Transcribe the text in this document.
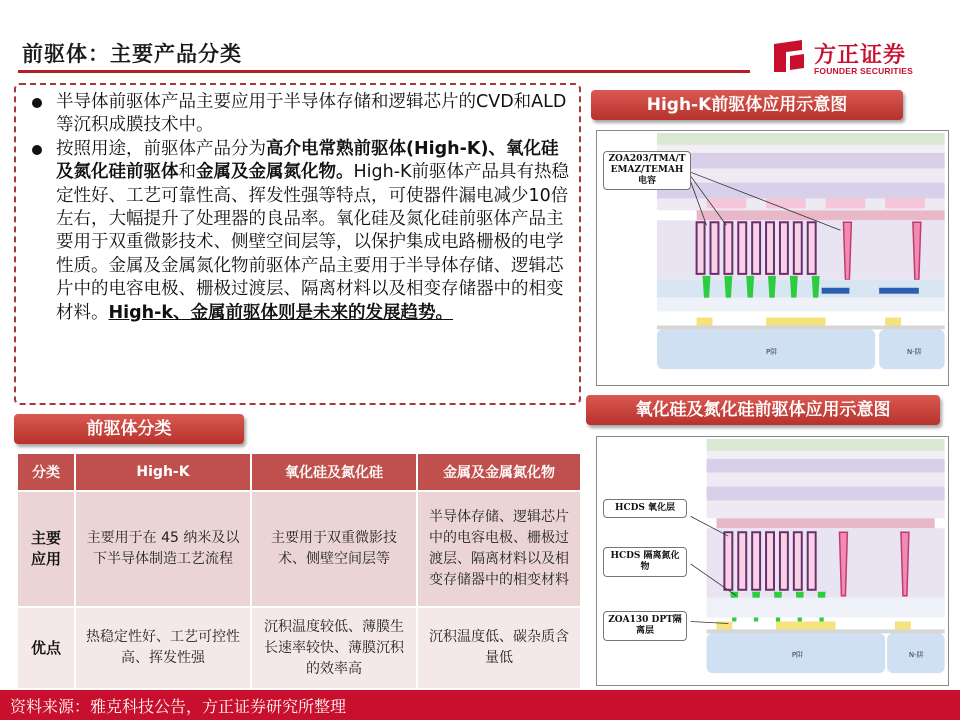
前驱体：主要产品分类	方正证券
FOUNDER SECURITIES
半导体前驱体产品主要应用于半导体存储和逻辑芯片的CVD和ALD等沉积成膜技术中。
按照用途，前驱体产品分为高介电常熟前驱体(High-K)、氧化硅及氮化硅前驱体和金属及金属氮化物。High-K前驱体产品具有热稳定性好、工艺可靠性高、挥发性强等特点，可使器件漏电减少10倍左右，大幅提升了处理器的良品率。氧化硅及氮化硅前驱体产品主要用于双重微影技术、侧壁空间层等，以保护集成电路栅极的电学性质。金属及金属氮化物前驱体产品主要用于半导体存储、逻辑芯片中的电容电极、栅极过渡层、隔离材料以及相变存储器中的相变材料。High-k、金属前驱体则是未来的发展趋势。
High-K前驱体应用示意图
P阱	N-阱
ZOA203/TMA/T EMAZ/TEMAH 电容
氧化硅及氮化硅前驱体应用示意图
P阱	N-阱
HCDS 氧化层
HCDS 隔离氮化物
ZOA130 DPT隔离层
前驱体分类
分类	High-K	氧化硅及氮化硅	金属及金属氮化物
主要应用	主要用于在 45 纳米及以下半导体制造工艺流程	主要用于双重微影技术、侧壁空间层等	半导体存储、逻辑芯片中的电容电极、栅极过渡层、隔离材料以及相变存储器中的相变材料
优点	热稳定性好、工艺可控性高、挥发性强	沉积温度较低、薄膜生长速率较快、薄膜沉积的效率高	沉积温度低、碳杂质含量低
资料来源：雅克科技公告，方正证券研究所整理
